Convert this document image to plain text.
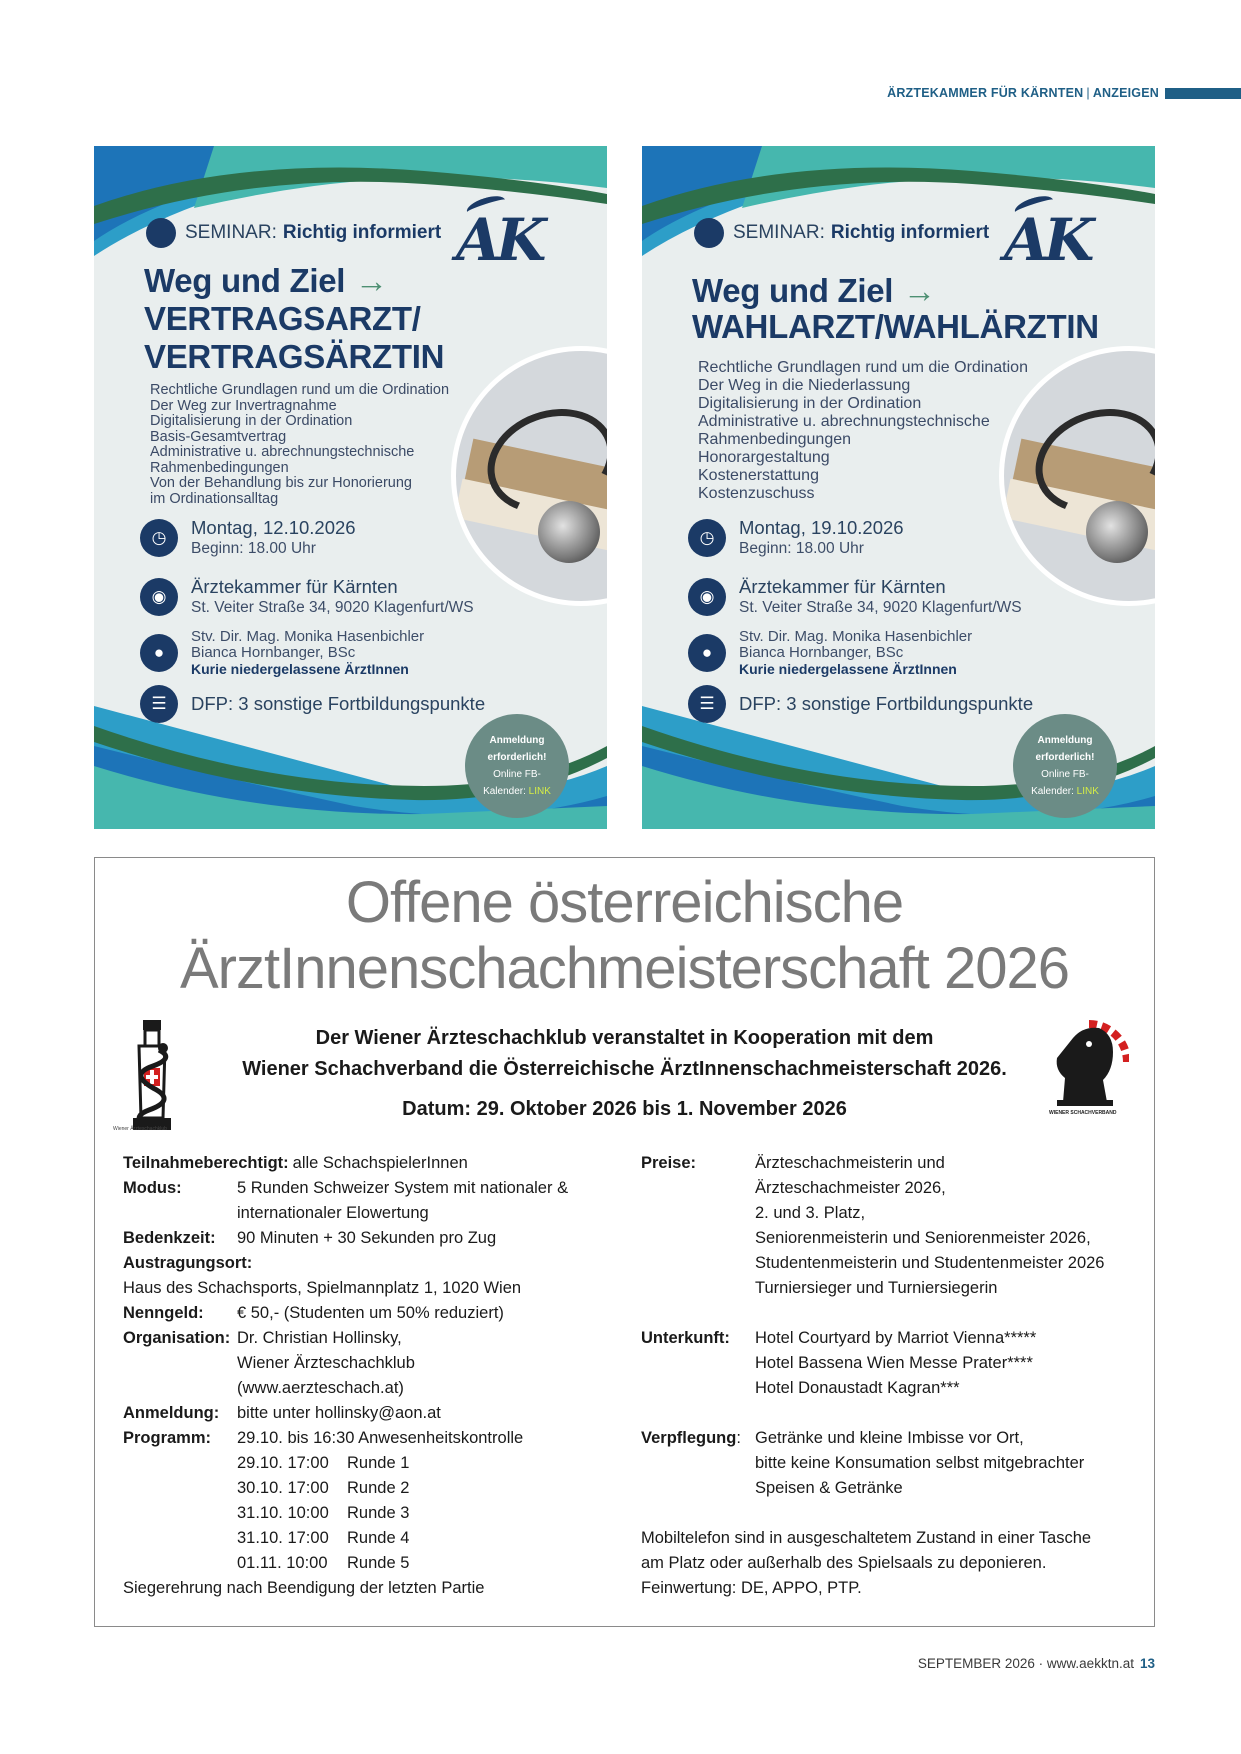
ÄRZTEKAMMER FÜR KÄRNTEN | ANZEIGEN
SEMINAR: Richtig informiert AK
Weg und Ziel →
VERTRAGSARZT/
VERTRAGSÄRZTIN
Rechtliche Grundlagen rund um die Ordination
Der Weg zur Invertragnahme
Digitalisierung in der Ordination
Basis-Gesamtvertrag
Administrative u. abrechnungstechnische
Rahmenbedingungen
Von der Behandlung bis zur Honorierung
im Ordinationsalltag
◷	Montag, 12.10.2026
Beginn: 18.00 Uhr
◉	Ärztekammer für Kärnten
St. Veiter Straße 34, 9020 Klagenfurt/WS
●
Stv. Dir. Mag. Monika Hasenbichler
Bianca Hornbanger, BSc
Kurie niedergelassene ÄrztInnen
☰	DFP: 3 sonstige Fortbildungspunkte
Anmeldung
erforderlich!
Online FB-
Kalender: LINK
SEMINAR: Richtig informiert AK
Weg und Ziel →
WAHLARZT/WAHLÄRZTIN
Rechtliche Grundlagen rund um die Ordination
Der Weg in die Niederlassung
Digitalisierung in der Ordination
Administrative u. abrechnungstechnische
Rahmenbedingungen
Honorargestaltung
Kostenerstattung
Kostenzuschuss
◷	Montag, 19.10.2026
Beginn: 18.00 Uhr
◉	Ärztekammer für Kärnten
St. Veiter Straße 34, 9020 Klagenfurt/WS
●
Stv. Dir. Mag. Monika Hasenbichler
Bianca Hornbanger, BSc
Kurie niedergelassene ÄrztInnen
☰	DFP: 3 sonstige Fortbildungspunkte
Anmeldung
erforderlich!
Online FB-
Kalender: LINK
Offene österreichische
ÄrztInnenschachmeisterschaft 2026
Wiener Ärzteschachklub
WIENER SCHACHVERBAND
Der Wiener Ärzteschachklub veranstaltet in Kooperation mit dem
Wiener Schachverband die Österreichische ÄrztInnenschachmeisterschaft 2026.
Datum: 29. Oktober 2026 bis 1. November 2026
Teilnahmeberechtigt: alle SchachspielerInnen
Modus:	5 Runden Schweizer System mit nationaler &
internationaler Elowertung
Bedenkzeit:	90 Minuten + 30 Sekunden pro Zug
Austragungsort:
Haus des Schachsports, Spielmannplatz 1, 1020 Wien
Nenngeld:	€ 50,- (Studenten um 50% reduziert)
Organisation: Dr. Christian Hollinsky,
Wiener Ärzteschachklub
(www.aerzteschach.at)
Anmeldung:	bitte unter hollinsky@aon.at
Programm:	29.10. bis 16:30 Anwesenheitskontrolle
29.10. 17:00	Runde 1
30.10. 17:00	Runde 2
31.10. 10:00	Runde 3
31.10. 17:00	Runde 4
01.11. 10:00	Runde 5
Siegerehrung nach Beendigung der letzten Partie
Preise:	Ärzteschachmeisterin und
Ärzteschachmeister 2026,
2. und 3. Platz,
Seniorenmeisterin und Seniorenmeister 2026,
Studentenmeisterin und Studentenmeister 2026
Turniersieger und Turniersiegerin
Unterkunft:	Hotel Courtyard by Marriot Vienna*****
Hotel Bassena Wien Messe Prater****
Hotel Donaustadt Kagran***
Verpflegung: Getränke und kleine Imbisse vor Ort,
bitte keine Konsumation selbst mitgebrachter
Speisen & Getränke
Mobiltelefon sind in ausgeschaltetem Zustand in einer Tasche
am Platz oder außerhalb des Spielsaals zu deponieren.
Feinwertung: DE, APPO, PTP.
SEPTEMBER 2026 · www.aekktn.at 13
